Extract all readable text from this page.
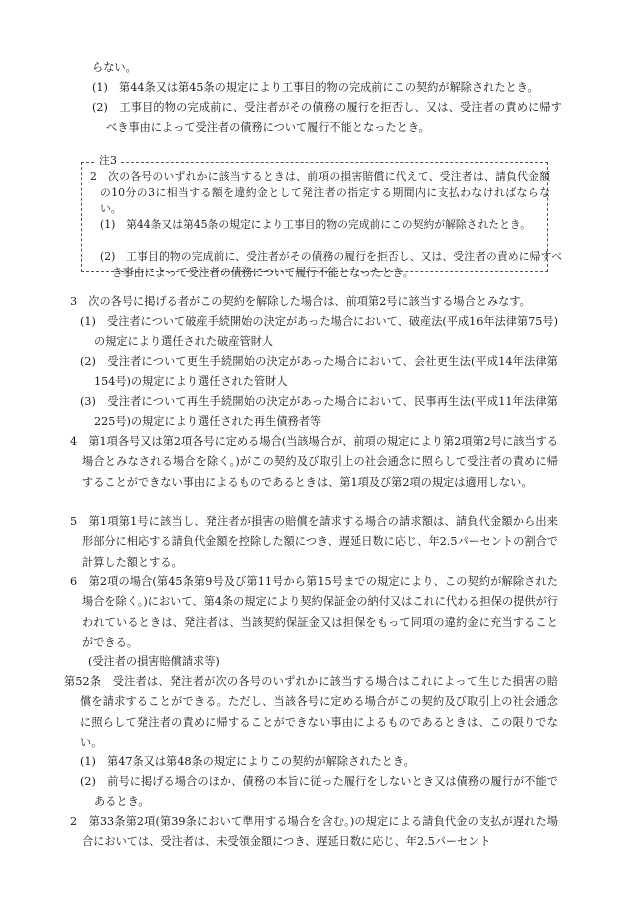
らない。
(1)　第44条又は第45条の規定により工事目的物の完成前にこの契約が解除されたとき。
(2)　工事目的物の完成前に、受注者がその債務の履行を拒否し、又は、受注者の責めに帰すべき事由によって受注者の債務について履行不能となったとき。
2　次の各号のいずれかに該当するときは、前項の損害賠償に代えて、受注者は、請負代金額の10分の3に相当する額を違約金として発注者の指定する期間内に支払わなければならない。
(1)　第44条又は第45条の規定により工事目的物の完成前にこの契約が解除されたとき。
(2)　工事目的物の完成前に、受注者がその債務の履行を拒否し、又は、受注者の責めに帰すべき事由によって受注者の債務について履行不能となったとき。
注3
3　次の各号に掲げる者がこの契約を解除した場合は、前項第2号に該当する場合とみなす。
(1)　受注者について破産手続開始の決定があった場合において、破産法(平成16年法律第75号)の規定により選任された破産管財人
(2)　受注者について更生手続開始の決定があった場合において、会社更生法(平成14年法律第154号)の規定により選任された管財人
(3)　受注者について再生手続開始の決定があった場合において、民事再生法(平成11年法律第225号)の規定により選任された再生債務者等
4　第1項各号又は第2項各号に定める場合(当該場合が、前項の規定により第2項第2号に該当する場合とみなされる場合を除く。)がこの契約及び取引上の社会通念に照らして受注者の責めに帰することができない事由によるものであるときは、第1項及び第2項の規定は適用しない。
5　第1項第1号に該当し、発注者が損害の賠償を請求する場合の請求額は、請負代金額から出来形部分に相応する請負代金額を控除した額につき、遅延日数に応じ、年2.5パーセントの割合で計算した額とする。
6　第2項の場合(第45条第9号及び第11号から第15号までの規定により、この契約が解除された場合を除く。)において、第4条の規定により契約保証金の納付又はこれに代わる担保の提供が行われているときは、発注者は、当該契約保証金又は担保をもって同項の違約金に充当することができる。
(受注者の損害賠償請求等)
第52条　受注者は、発注者が次の各号のいずれかに該当する場合はこれによって生じた損害の賠償を請求することができる。ただし、当該各号に定める場合がこの契約及び取引上の社会通念に照らして発注者の責めに帰することができない事由によるものであるときは、この限りでない。
(1)　第47条又は第48条の規定によりこの契約が解除されたとき。
(2)　前号に掲げる場合のほか、債務の本旨に従った履行をしないとき又は債務の履行が不能であるとき。
2　第33条第2項(第39条において準用する場合を含む。)の規定による請負代金の支払が遅れた場合においては、受注者は、未受領金額につき、遅延日数に応じ、年2.5パーセント
